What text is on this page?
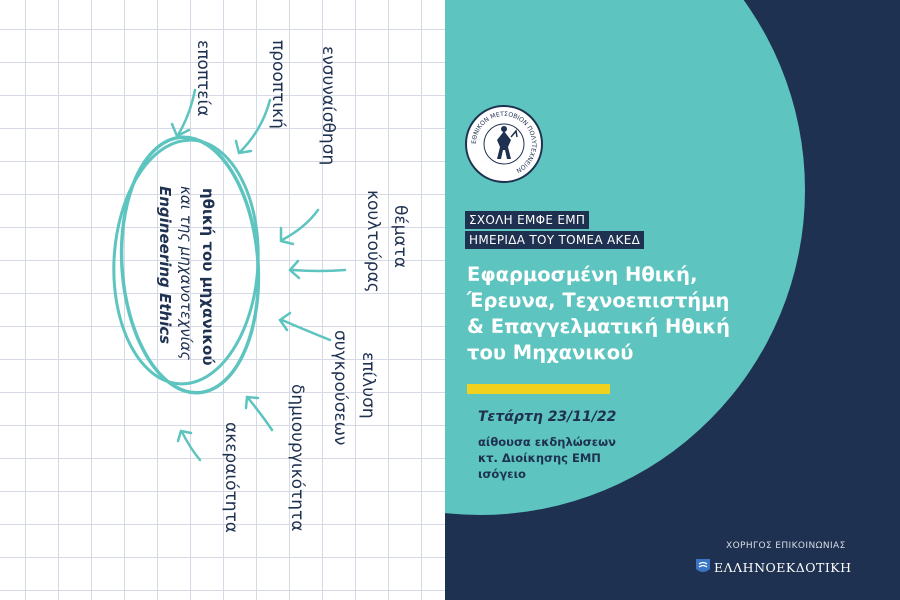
ηθική του μηχανικού
και της μηχανοτεχνίας
Engineering Ethics
εποπτεία	προοπτική ενσυναίσθηση
κουλτούρας θέματα
συγκρούσεων επίλυση
δημιουργικότητα
ακεραιότητα
ΕΘΝΙΚΟΝ ΜΕΤΣΟΒΙΟΝ ΠΟΛΥΤΕΧΝΕΙΟΝ
ΣΧΟΛΗ ΕΜΦΕ ΕΜΠ
ΗΜΕΡΙΔΑ ΤΟΥ ΤΟΜΕΑ ΑΚΕΔ
Εφαρμοσμένη Ηθική,
Έρευνα, Τεχνοεπιστήμη
& Επαγγελματική Ηθική
του Μηχανικού
Τετάρτη 23/11/22
αίθουσα εκδηλώσεων
κτ. Διοίκησης ΕΜΠ
ισόγειο
ΧΟΡΗΓΟΣ ΕΠΙΚΟΙΝΩΝΙΑΣ
ΕΛΛΗΝΟΕΚΔΟΤΙΚΗ
